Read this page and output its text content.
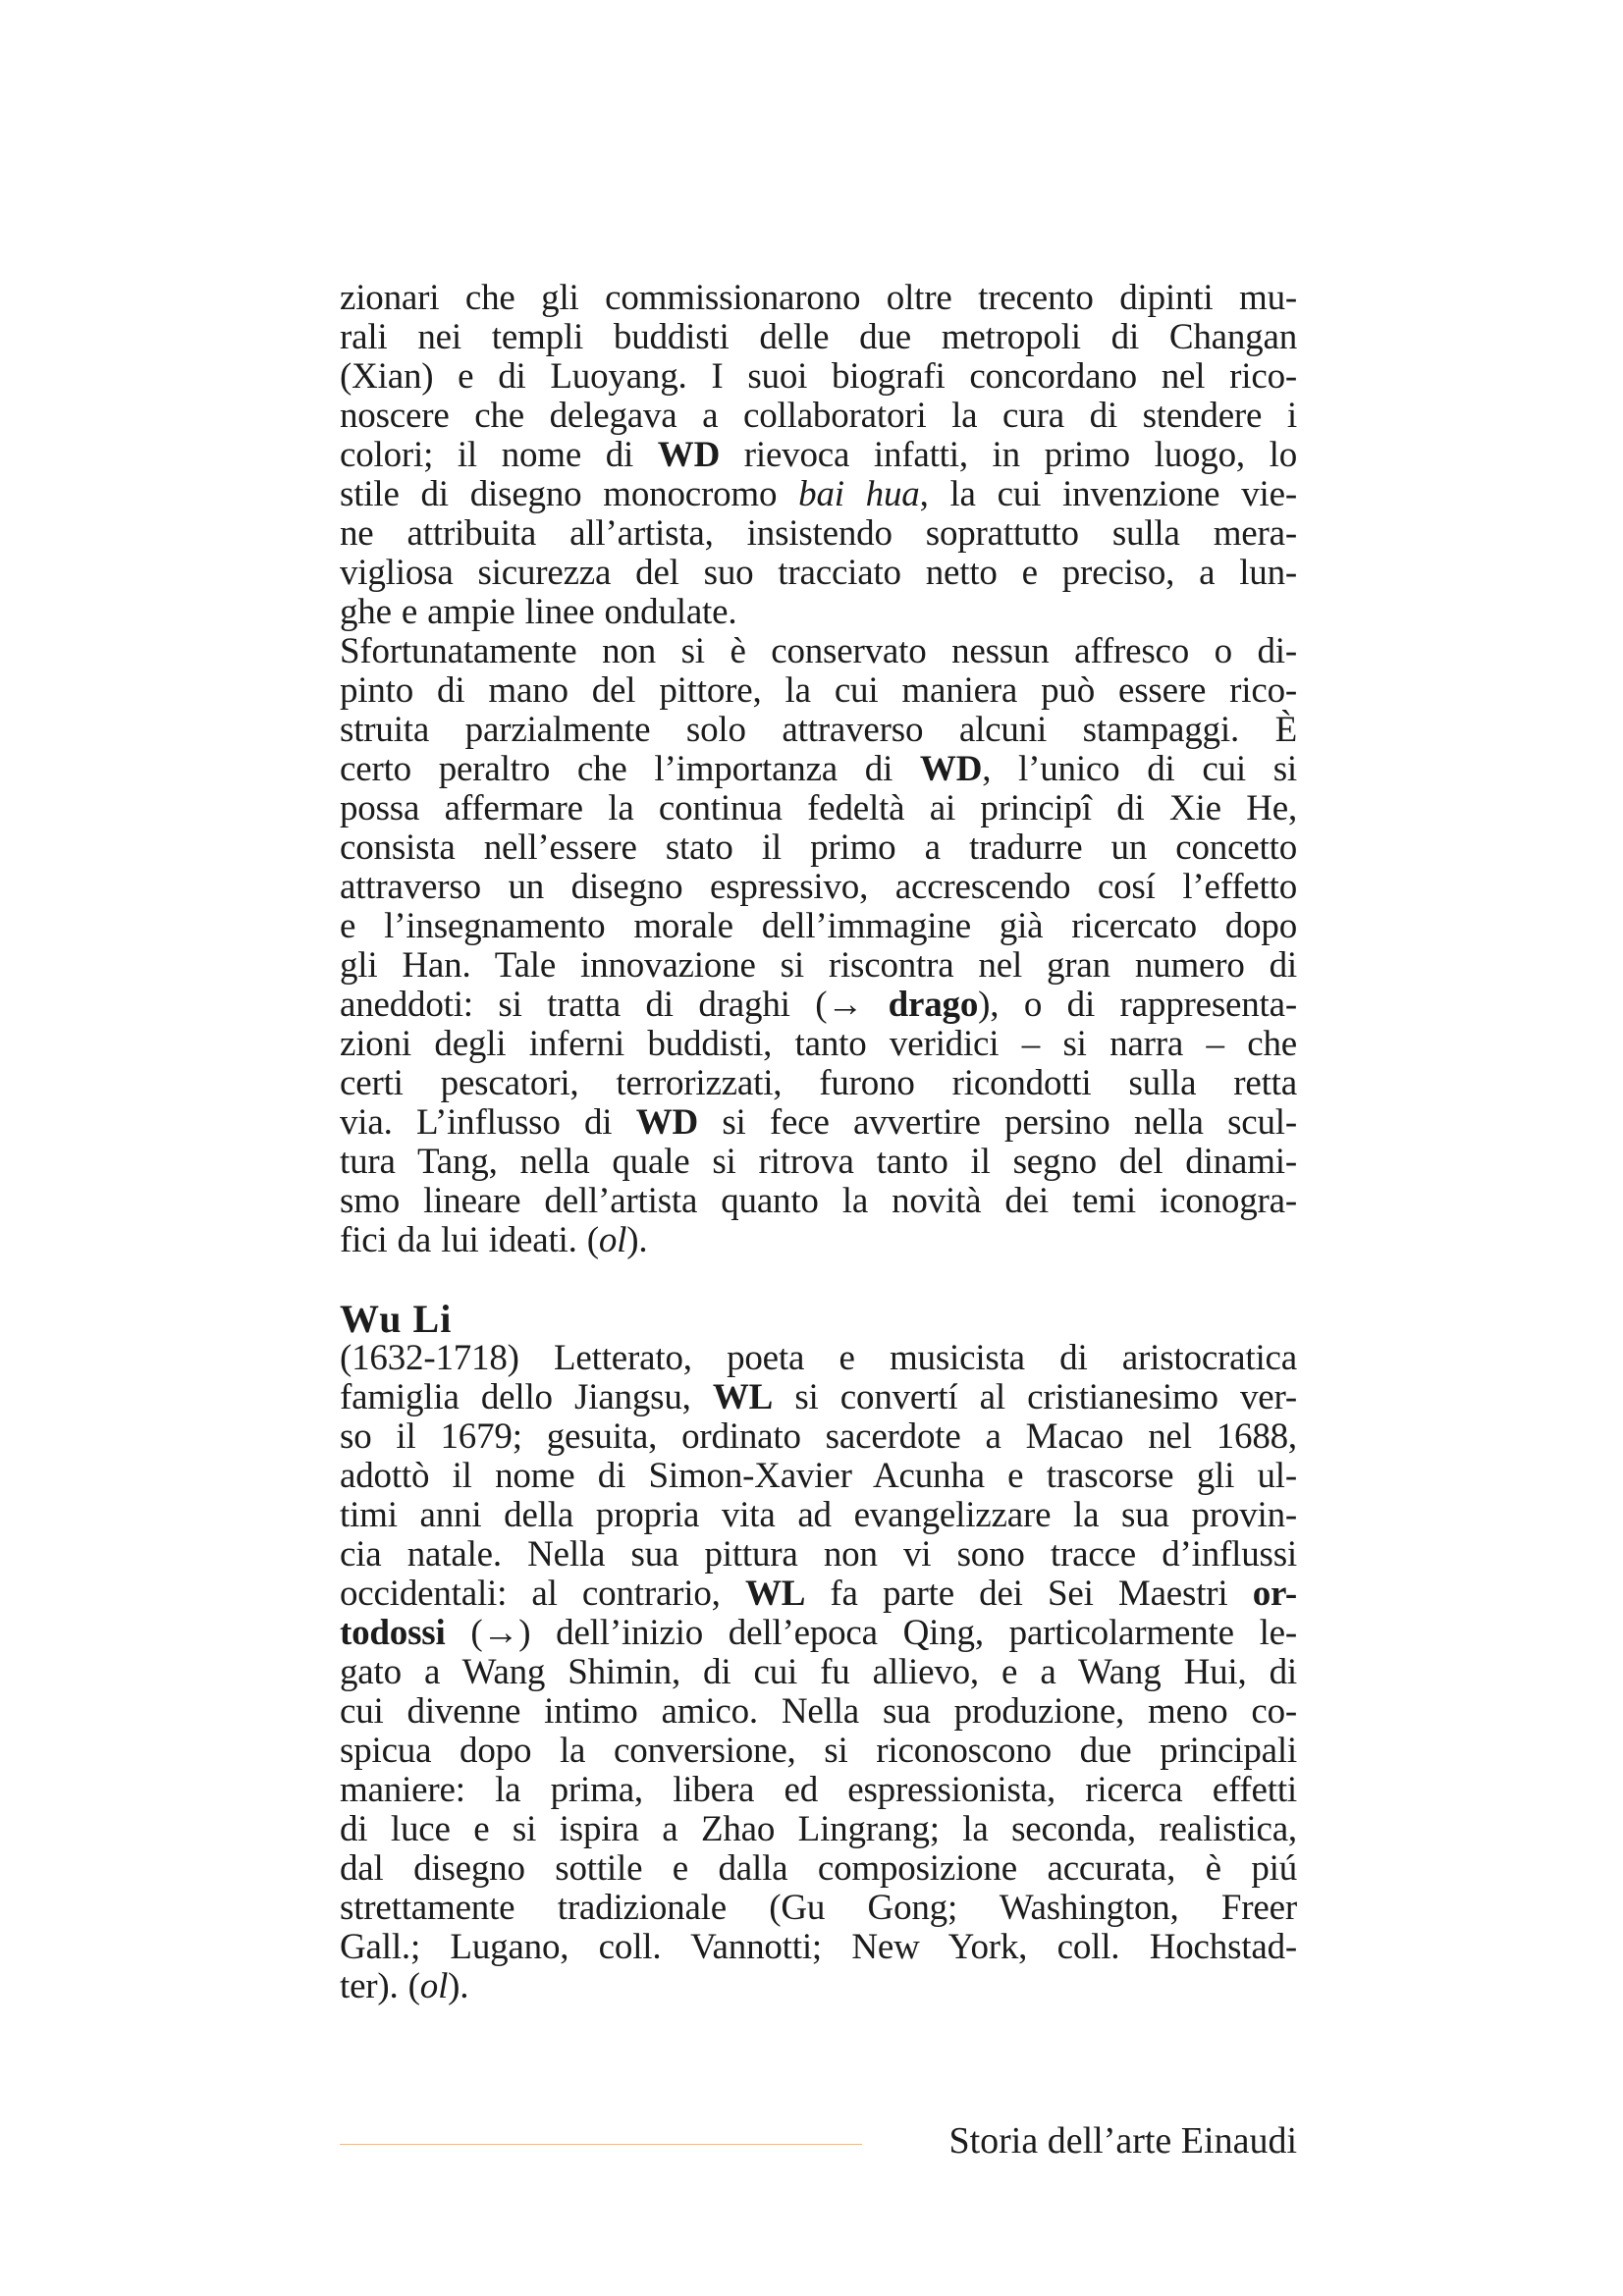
zionari che gli commissionarono oltre trecento dipinti mu-
rali nei templi buddisti delle due metropoli di Changan
(Xian) e di Luoyang. I suoi biografi concordano nel rico-
noscere che delegava a collaboratori la cura di stendere i
colori; il nome di WD rievoca infatti, in primo luogo, lo
stile di disegno monocromo bai hua, la cui invenzione vie-
ne attribuita all’artista, insistendo soprattutto sulla mera-
vigliosa sicurezza del suo tracciato netto e preciso, a lun-
ghe e ampie linee ondulate.
Sfortunatamente non si è conservato nessun affresco o di-
pinto di mano del pittore, la cui maniera può essere rico-
struita parzialmente solo attraverso alcuni stampaggi. È
certo peraltro che l’importanza di WD, l’unico di cui si
possa affermare la continua fedeltà ai principî di Xie He,
consista nell’essere stato il primo a tradurre un concetto
attraverso un disegno espressivo, accrescendo cosí l’effetto
e l’insegnamento morale dell’immagine già ricercato dopo
gli Han. Tale innovazione si riscontra nel gran numero di
aneddoti: si tratta di draghi (→ drago), o di rappresenta-
zioni degli inferni buddisti, tanto veridici – si narra – che
certi pescatori, terrorizzati, furono ricondotti sulla retta
via. L’influsso di WD si fece avvertire persino nella scul-
tura Tang, nella quale si ritrova tanto il segno del dinami-
smo lineare dell’artista quanto la novità dei temi iconogra-
fici da lui ideati. (ol).
Wu Li
(1632-1718) Letterato, poeta e musicista di aristocratica
famiglia dello Jiangsu, WL si convertí al cristianesimo ver-
so il 1679; gesuita, ordinato sacerdote a Macao nel 1688,
adottò il nome di Simon-Xavier Acunha e trascorse gli ul-
timi anni della propria vita ad evangelizzare la sua provin-
cia natale. Nella sua pittura non vi sono tracce d’influssi
occidentali: al contrario, WL fa parte dei Sei Maestri or-
todossi (→) dell’inizio dell’epoca Qing, particolarmente le-
gato a Wang Shimin, di cui fu allievo, e a Wang Hui, di
cui divenne intimo amico. Nella sua produzione, meno co-
spicua dopo la conversione, si riconoscono due principali
maniere: la prima, libera ed espressionista, ricerca effetti
di luce e si ispira a Zhao Lingrang; la seconda, realistica,
dal disegno sottile e dalla composizione accurata, è piú
strettamente tradizionale (Gu Gong; Washington, Freer
Gall.; Lugano, coll. Vannotti; New York, coll. Hochstad-
ter). (ol).
Storia dell’arte Einaudi
